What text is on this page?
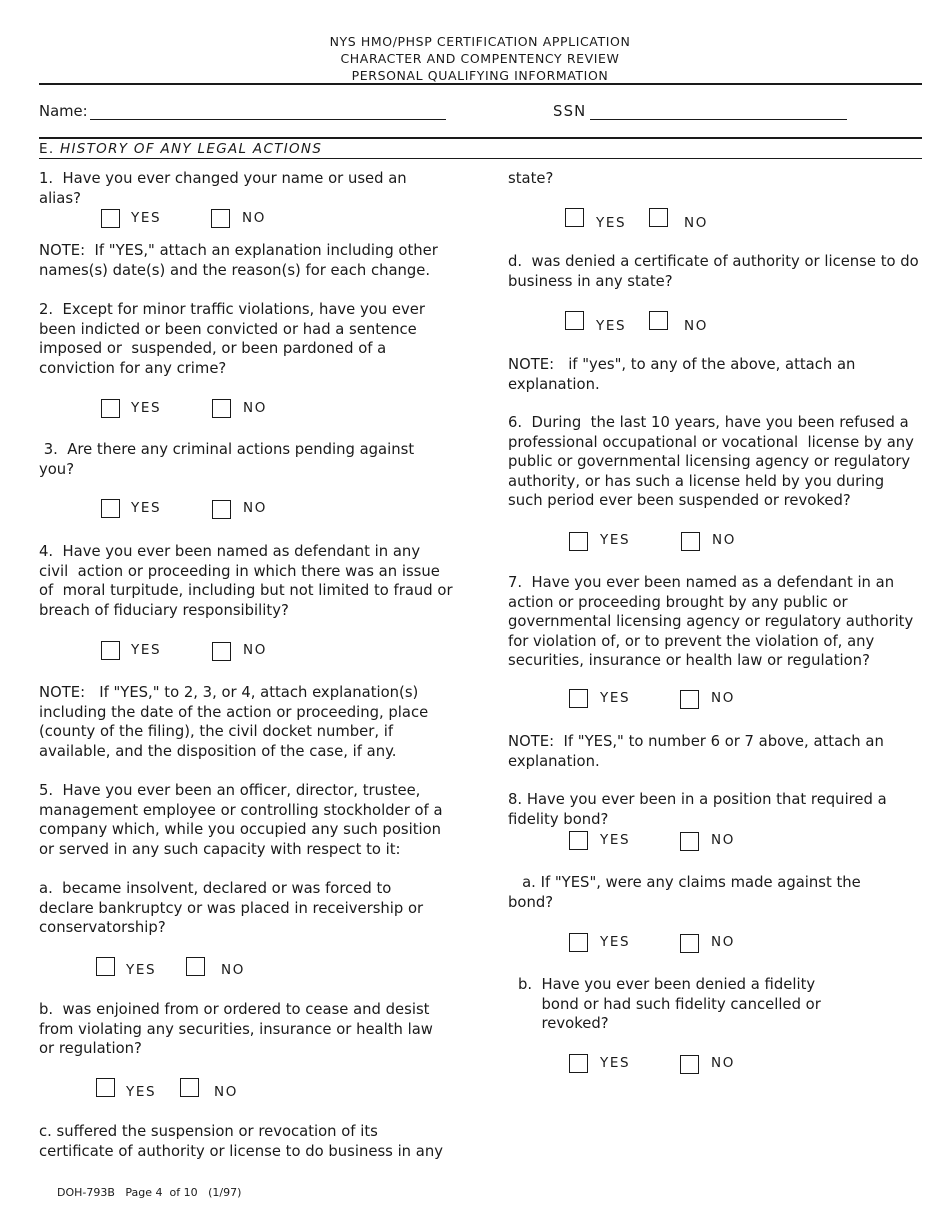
NYS HMO/PHSP CERTIFICATION APPLICATION
CHARACTER AND COMPENTENCY REVIEW
PERSONAL QUALIFYING INFORMATION
Name:	SSN
E. HISTORY OF ANY LEGAL ACTIONS
1.  Have you ever changed your name or used an
alias?
YES	NO
NOTE:  If "YES," attach an explanation including other
names(s) date(s) and the reason(s) for each change.
2.  Except for minor traffic violations, have you ever
been indicted or been convicted or had a sentence
imposed or  suspended, or been pardoned of a
conviction for any crime?
YES	NO
3.  Are there any criminal actions pending against
you?
YES	NO
4.  Have you ever been named as defendant in any
civil  action or proceeding in which there was an issue
of  moral turpitude, including but not limited to fraud or
breach of fiduciary responsibility?
YES	NO
NOTE:   If "YES," to 2, 3, or 4, attach explanation(s)
including the date of the action or proceeding, place
(county of the filing), the civil docket number, if
available, and the disposition of the case, if any.
5.  Have you ever been an officer, director, trustee,
management employee or controlling stockholder of a
company which, while you occupied any such position
or served in any such capacity with respect to it:
a.  became insolvent, declared or was forced to
declare bankruptcy or was placed in receivership or
conservatorship?
YES	NO
b.  was enjoined from or ordered to cease and desist
from violating any securities, insurance or health law
or regulation?
YES	NO
c. suffered the suspension or revocation of its
certificate of authority or license to do business in any
state?
YES	NO
d.  was denied a certificate of authority or license to do
business in any state?
YES	NO
NOTE:   if "yes", to any of the above, attach an
explanation.
6.  During  the last 10 years, have you been refused a
professional occupational or vocational  license by any
public or governmental licensing agency or regulatory
authority, or has such a license held by you during
such period ever been suspended or revoked?
YES	NO
7.  Have you ever been named as a defendant in an
action or proceeding brought by any public or
governmental licensing agency or regulatory authority
for violation of, or to prevent the violation of, any
securities, insurance or health law or regulation?
YES	NO
NOTE:  If "YES," to number 6 or 7 above, attach an
explanation.
8. Have you ever been in a position that required a
fidelity bond?
YES	NO
a. If "YES", were any claims made against the
bond?
YES	NO
b.  Have you ever been denied a fidelity
bond or had such fidelity cancelled or
revoked?
YES	NO
DOH-793B   Page 4  of 10   (1/97)
